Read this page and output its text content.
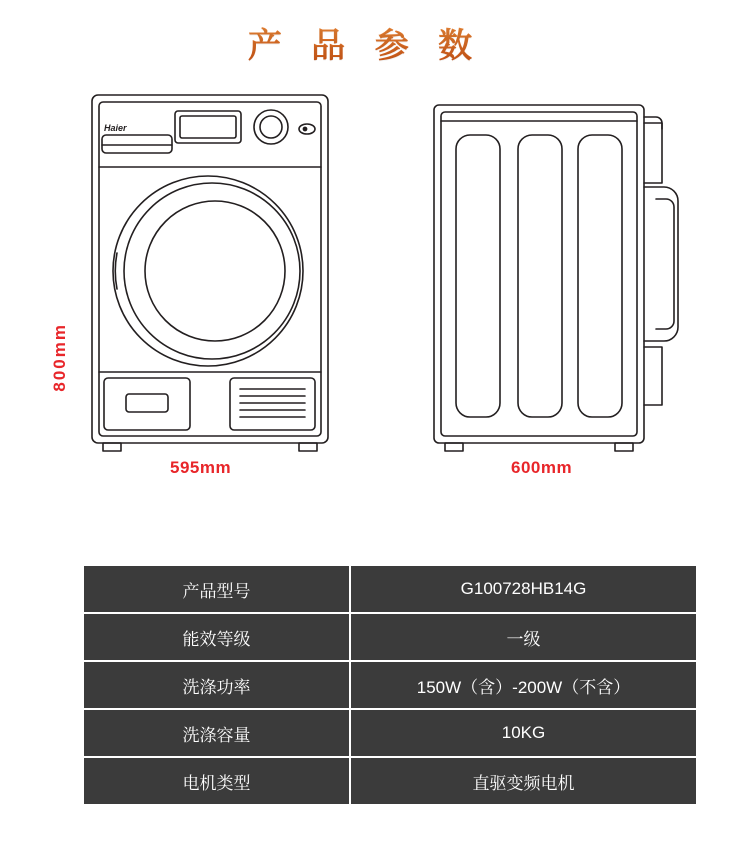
产 品 参 数
Haier
800mm
595mm	600mm
产品型号	G100728HB14G
能效等级	一级
洗涤功率	150W（含）-200W（不含）
洗涤容量	10KG
电机类型	直驱变频电机
